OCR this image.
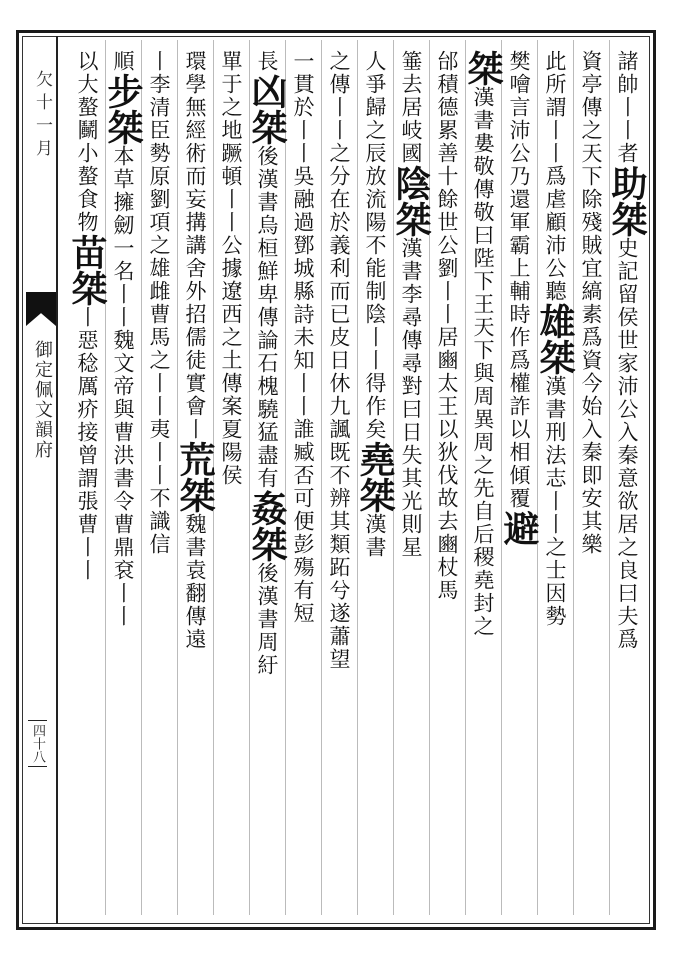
欠十一月
御定佩文韻府
四十八
諸帥丨丨者助桀史記留侯世家沛公入秦意欲居之良曰夫爲
資亭傳之天下除殘賊宜縞素爲資今始入秦即安其樂
此所謂丨丨爲虐顧沛公聽雄桀漢書刑法志丨丨之士因勢
樊噲言沛公乃還軍霸上輔時作爲權詐以相傾覆避
桀漢書婁敬傳敬曰陛下王天下與周異周之先自后稷堯封之
邰積德累善十餘世公劉丨丨居豳太王以狄伐故去豳杖馬
箠去居岐國陰桀漢書李尋傳尋對曰日失其光則星
人爭歸之辰放流陽不能制陰丨丨得作矣堯桀漢書
之傳丨丨之分在於義利而已皮日休九諷既不辨其類跖兮遂蕭望
一貫於丨丨吳融過鄧城縣詩未知丨丨誰臧否可便彭殤有短
長凶桀後漢書烏桓鮮卑傳論石槐驍猛盡有姦桀後漢書周紆
單于之地蹶頓丨丨公據遼西之土傳案夏陽侯
環學無經術而妄搆講舍外招儒徒實會丨荒桀魏書袁翻傳遠
丨李清臣勢原劉項之雄雌曹馬之丨丨夷丨丨不識信
順步桀本草擁劒一名丨丨魏文帝與曹洪書令曹鼎袞丨丨
以大螯鬭小螯食物苗桀丨惡稔厲疥接曾謂張曹丨丨
